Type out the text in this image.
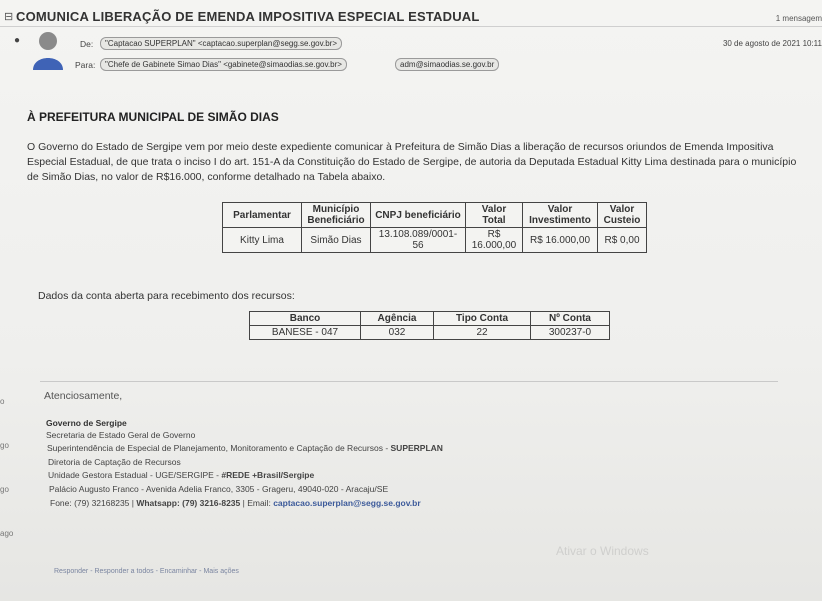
⊟ COMUNICA LIBERAÇÃO DE EMENDA IMPOSITIVA ESPECIAL ESTADUAL	1 mensagem
●	De:	"Captacao SUPERPLAN" <captacao.superplan@segg.se.gov.br>	30 de agosto de 2021 10:11
Para:	"Chefe de Gabinete Simao Dias" <gabinete@simaodias.se.gov.br>	adm@simaodias.se.gov.br
À PREFEITURA MUNICIPAL DE SIMÃO DIAS
O Governo do Estado de Sergipe vem por meio deste expediente comunicar à Prefeitura de Simão Dias a liberação de recursos oriundos de Emenda Impositiva Especial Estadual, de que trata o inciso I do art. 151-A da Constituição do Estado de Sergipe, de autoria da Deputada Estadual Kitty Lima destinada para o município de Simão Dias, no valor de R$16.000, conforme detalhado na Tabela abaixo.
Parlamentar	Município Beneficiário	CNPJ beneficiário	Valor Total	Valor Investimento	Valor Custeio
Kitty Lima	Simão Dias	13.108.089/0001-56	R$ 16.000,00	R$ 16.000,00	R$ 0,00
Dados da conta aberta para recebimento dos recursos:
Banco	Agência	Tipo Conta	Nº Conta
BANESE - 047	032	22	300237-0
Atenciosamente,
Governo de Sergipe
Secretaria de Estado Geral de Governo
Superintendência de Especial de Planejamento, Monitoramento e Captação de Recursos - SUPERPLAN
Diretoria de Captação de Recursos
Unidade Gestora Estadual - UGE/SERGIPE - #REDE +Brasil/Sergipe
Palácio Augusto Franco - Avenida Adelia Franco, 3305 - Grageru, 49040-020 - Aracaju/SE
Fone: (79) 32168235 | Whatsapp: (79) 3216-8235 | Email: captacao.superplan@segg.se.gov.br
Responder - Responder a todos - Encaminhar - Mais ações
Ativar o Windows
o
go
go
ago
